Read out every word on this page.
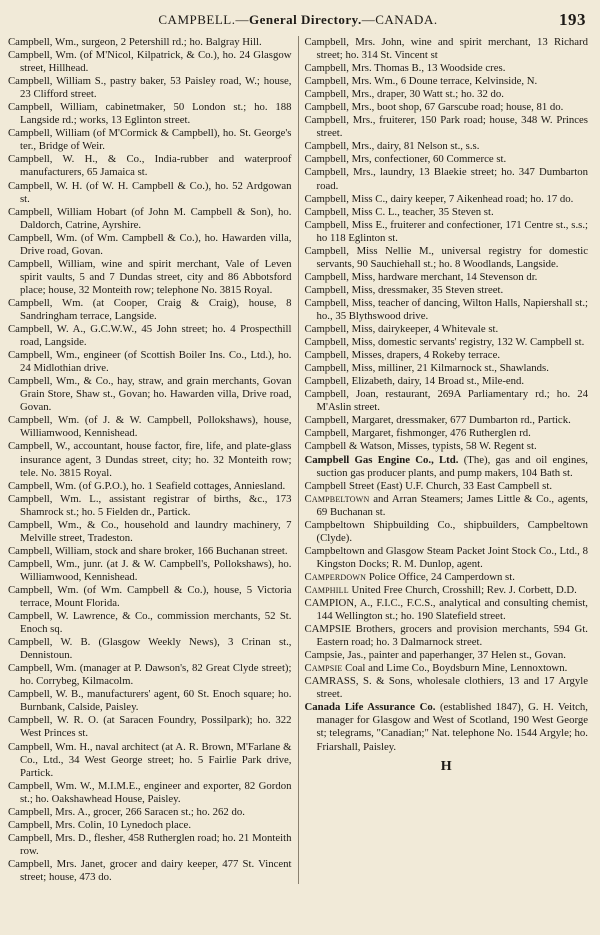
CAMPBELL.—General Directory.—CANADA.	193

Campbell, Wm., surgeon, 2 Petershill rd.; ho. Balgray Hill.

Campbell, Wm. (of M'Nicol, Kilpatrick, & Co.), ho. 24 Glasgow street, Hillhead.

Campbell, William S., pastry baker, 53 Paisley road, W.; house, 23 Clifford street.

Campbell, William, cabinetmaker, 50 London st.; ho. 188 Langside rd.; works, 13 Eglinton street.

Campbell, William (of M'Cormick & Campbell), ho. St. George's ter., Bridge of Weir.

Campbell, W. H., & Co., India-rubber and waterproof manufacturers, 65 Jamaica st.

Campbell, W. H. (of W. H. Campbell & Co.), ho. 52 Ardgowan st.

Campbell, William Hobart (of John M. Campbell & Son), ho. Daldorch, Catrine, Ayrshire.

Campbell, Wm. (of Wm. Campbell & Co.), ho. Hawarden villa, Drive road, Govan.

Campbell, William, wine and spirit merchant, Vale of Leven spirit vaults, 5 and 7 Dundas street, city and 86 Abbotsford place; house, 32 Monteith row; telephone No. 3815 Royal.

Campbell, Wm. (at Cooper, Craig & Craig), house, 8 Sandringham terrace, Langside.

Campbell, W. A., G.C.W.W., 45 John street; ho. 4 Prospecthill road, Langside.

Campbell, Wm., engineer (of Scottish Boiler Ins. Co., Ltd.), ho. 24 Midlothian drive.

Campbell, Wm., & Co., hay, straw, and grain merchants, Govan Grain Store, Shaw st., Govan; ho. Hawarden villa, Drive road, Govan.

Campbell, Wm. (of J. & W. Campbell, Pollokshaws), house, Williamwood, Kennishead.

Campbell, W., accountant, house factor, fire, life, and plate-glass insurance agent, 3 Dundas street, city; ho. 32 Monteith row; tele. No. 3815 Royal.

Campbell, Wm. (of G.P.O.), ho. 1 Seafield cottages, Anniesland.

Campbell, Wm. L., assistant registrar of births, &c., 173 Shamrock st.; ho. 5 Fielden dr., Partick.

Campbell, Wm., & Co., household and laundry machinery, 7 Melville street, Tradeston.

Campbell, William, stock and share broker, 166 Buchanan street.

Campbell, Wm., junr. (at J. & W. Campbell's, Pollokshaws), ho. Williamwood, Kennishead.

Campbell, Wm. (of Wm. Campbell & Co.), house, 5 Victoria terrace, Mount Florida.

Campbell, W. Lawrence, & Co., commission merchants, 52 St. Enoch sq.

Campbell, W. B. (Glasgow Weekly News), 3 Crinan st., Dennistoun.

Campbell, Wm. (manager at P. Dawson's, 82 Great Clyde street); ho. Corrybeg, Kilmacolm.

Campbell, W. B., manufacturers' agent, 60 St. Enoch square; ho. Burnbank, Calside, Paisley.

Campbell, W. R. O. (at Saracen Foundry, Possilpark); ho. 322 West Princes st.

Campbell, Wm. H., naval architect (at A. R. Brown, M'Farlane & Co., Ltd., 34 West George street; ho. 5 Fairlie Park drive, Partick.

Campbell, Wm. W., M.I.M.E., engineer and exporter, 82 Gordon st.; ho. Oakshawhead House, Paisley.

Campbell, Mrs. A., grocer, 266 Saracen st.; ho. 262 do.

Campbell, Mrs. Colin, 10 Lynedoch place.

Campbell, Mrs. D., flesher, 458 Rutherglen road; ho. 21 Monteith row.

Campbell, Mrs. Janet, grocer and dairy keeper, 477 St. Vincent street; house, 473 do.

Campbell, Mrs. John, wine and spirit merchant, 13 Richard street; ho. 314 St. Vincent st

Campbell, Mrs. Thomas B., 13 Woodside cres.

Campbell, Mrs. Wm., 6 Doune terrace, Kelvinside, N.

Campbell, Mrs., draper, 30 Watt st.; ho. 32 do.

Campbell, Mrs., boot shop, 67 Garscube road; house, 81 do.

Campbell, Mrs., fruiterer, 150 Park road; house, 348 W. Princes street.

Campbell, Mrs., dairy, 81 Nelson st., s.s.

Campbell, Mrs, confectioner, 60 Commerce st.

Campbell, Mrs., laundry, 13 Blaekie street; ho. 347 Dumbarton road.

Campbell, Miss C., dairy keeper, 7 Aikenhead road; ho. 17 do.

Campbell, Miss C. L., teacher, 35 Steven st.

Campbell, Miss E., fruiterer and confectioner, 171 Centre st., s.s.; ho 118 Eglinton st.

Campbell, Miss Nellie M., universal registry for domestic servants, 90 Sauchiehall st.; ho. 8 Woodlands, Langside.

Campbell, Miss, hardware merchant, 14 Stevenson dr.

Campbell, Miss, dressmaker, 35 Steven street.

Campbell, Miss, teacher of dancing, Wilton Halls, Napiershall st.; ho., 35 Blythswood drive.

Campbell, Miss, dairykeeper, 4 Whitevale st.

Campbell, Miss, domestic servants' registry, 132 W. Campbell st.

Campbell, Misses, drapers, 4 Rokeby terrace.

Campbell, Miss, milliner, 21 Kilmarnock st., Shawlands.

Campbell, Elizabeth, dairy, 14 Broad st., Mile-end.

Campbell, Joan, restaurant, 269A Parliamentary rd.; ho. 24 M'Aslin street.

Campbell, Margaret, dressmaker, 677 Dumbarton rd., Partick.

Campbell, Margaret, fishmonger, 476 Rutherglen rd.

Campbell & Watson, Misses, typists, 58 W. Regent st.

Campbell Gas Engine Co., Ltd. (The), gas and oil engines, suction gas producer plants, and pump makers, 104 Bath st.

Campbell Street (East) U.F. Church, 33 East Campbell st.

Campbeltown and Arran Steamers; James Little & Co., agents, 69 Buchanan st.

Campbeltown Shipbuilding Co., shipbuilders, Campbeltown (Clyde).

Campbeltown and Glasgow Steam Packet Joint Stock Co., Ltd., 8 Kingston Docks; R. M. Dunlop, agent.

Camperdown Police Office, 24 Camperdown st.

Camphill United Free Church, Crosshill; Rev. J. Corbett, D.D.

CAMPION, A., F.I.C., F.C.S., analytical and consulting chemist, 144 Wellington st.; ho. 190 Slatefield street.

CAMPSIE Brothers, grocers and provision merchants, 594 Gt. Eastern road; ho. 3 Dalmarnock street.

Campsie, Jas., painter and paperhanger, 37 Helen st., Govan.

Campsie Coal and Lime Co., Boydsburn Mine, Lennoxtown.

CAMRASS, S. & Sons, wholesale clothiers, 13 and 17 Argyle street.

Canada Life Assurance Co. (established 1847), G. H. Veitch, manager for Glasgow and West of Scotland, 190 West George st; telegrams, "Canadian;" Nat. telephone No. 1544 Argyle; ho. Friarshall, Paisley.

H
